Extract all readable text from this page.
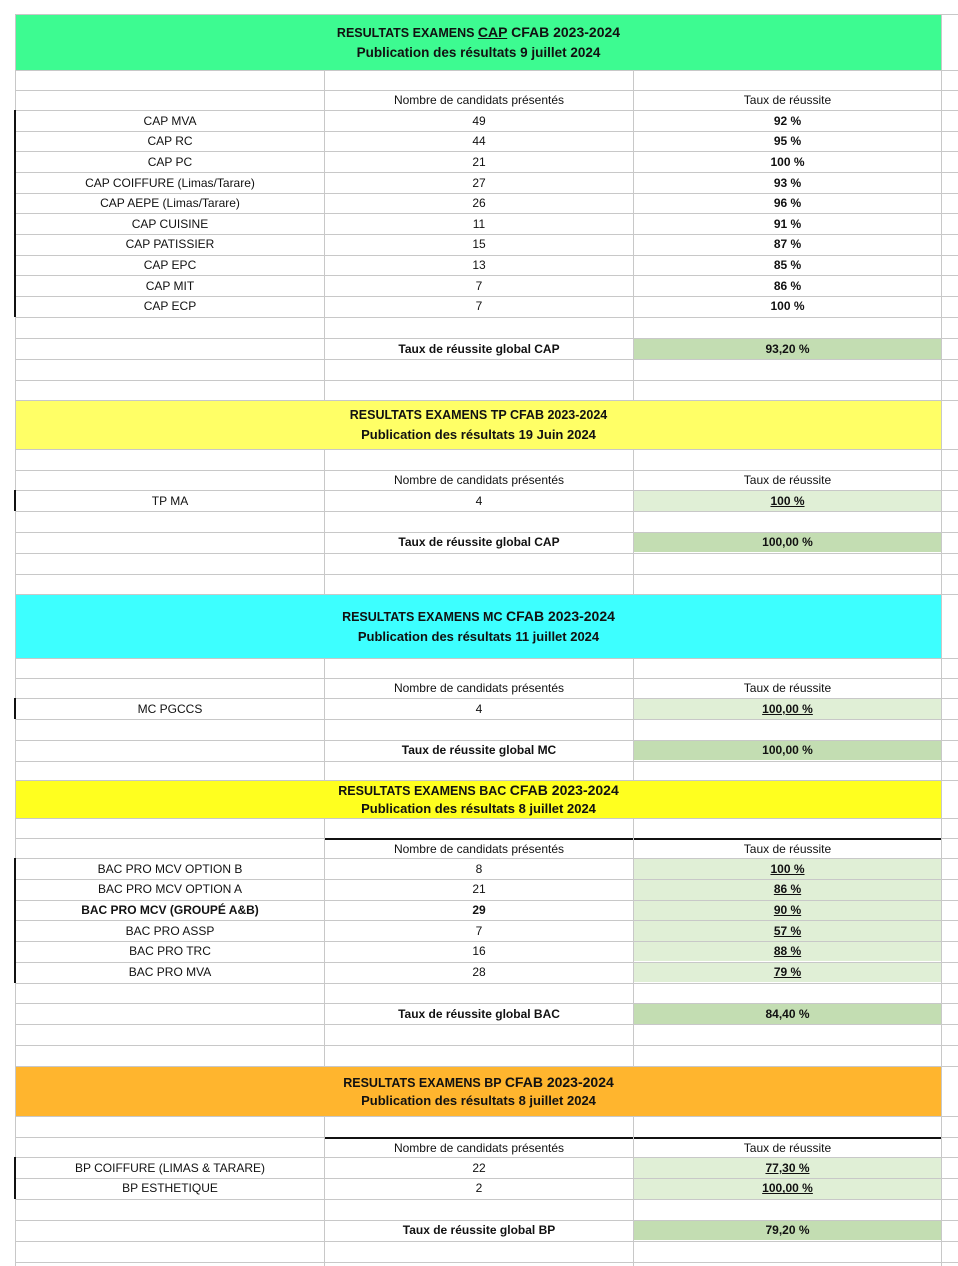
RESULTATS EXAMENS CAP CFAB 2023-2024
Publication des résultats 9 juillet 2024
Nombre de candidats présentés	Taux de réussite
CAP MVA	49	92 %
CAP RC	44	95 %
CAP PC	21	100 %
CAP COIFFURE (Limas/Tarare)	27	93 %
CAP AEPE (Limas/Tarare)	26	96 %
CAP CUISINE	11	91 %
CAP PATISSIER	15	87 %
CAP EPC	13	85 %
CAP MIT	7	86 %
CAP ECP	7	100 %
Taux de réussite global CAP	93,20 %
RESULTATS EXAMENS TP CFAB 2023-2024
Publication des résultats 19 Juin 2024
Nombre de candidats présentés	Taux de réussite
TP MA	4	100 %
Taux de réussite global CAP	100,00 %
RESULTATS EXAMENS MC CFAB 2023-2024
Publication des résultats 11 juillet 2024
Nombre de candidats présentés	Taux de réussite
MC PGCCS	4	100,00 %
Taux de réussite global MC	100,00 %
RESULTATS EXAMENS BAC CFAB 2023-2024
Publication des résultats 8 juillet 2024
Nombre de candidats présentés	Taux de réussite
BAC PRO MCV OPTION B	8	100 %
BAC PRO MCV OPTION A	21	86 %
BAC PRO MCV (GROUPÉ A&B)	29	90 %
BAC PRO ASSP	7	57 %
BAC PRO TRC	16	88 %
BAC PRO MVA	28	79 %
Taux de réussite global BAC	84,40 %
RESULTATS EXAMENS BP CFAB 2023-2024
Publication des résultats 8 juillet 2024
Nombre de candidats présentés	Taux de réussite
BP COIFFURE (LIMAS & TARARE)	22	77,30 %
BP ESTHETIQUE	2	100,00 %
Taux de réussite global BP	79,20 %
